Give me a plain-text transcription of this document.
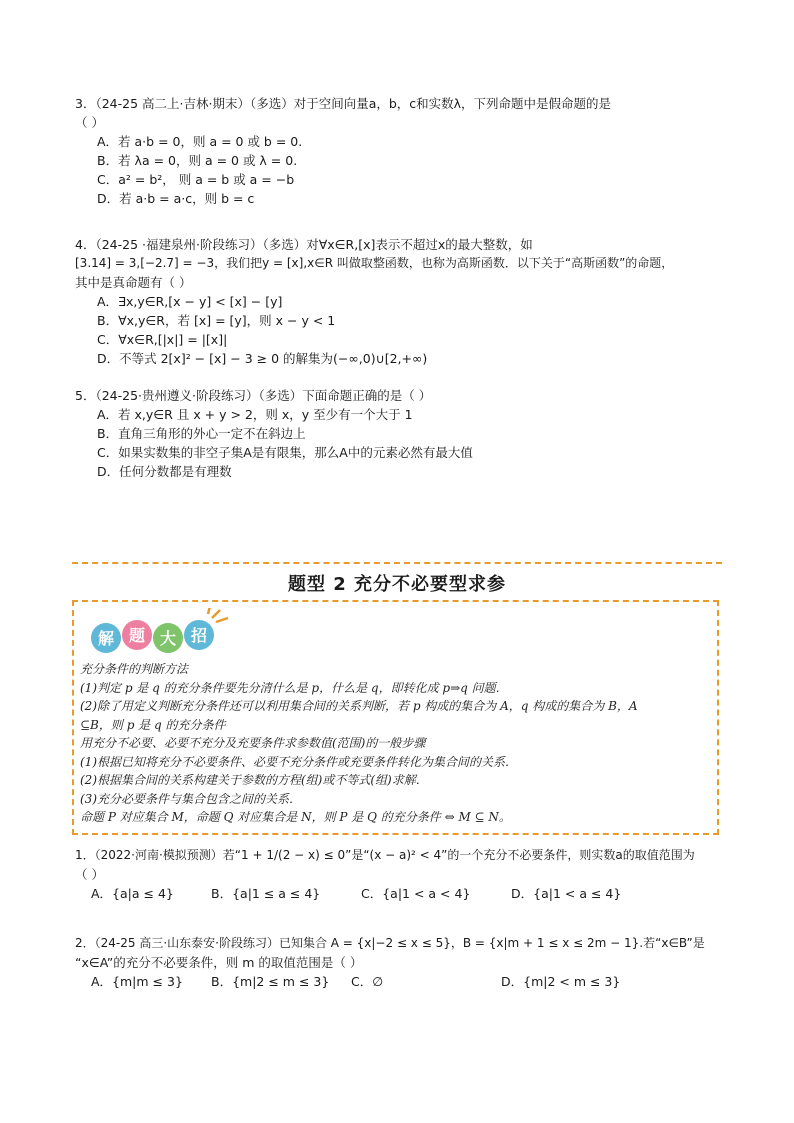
3．（24-25 高二上·吉林·期末）（多选）对于空间向量a，b，c和实数λ，下列命题中是假命题的是

（ ）

A．若 a·b = 0，则 a = 0 或 b = 0.

B．若 λa = 0，则 a = 0 或 λ = 0.

C．a² = b²， 则 a = b 或 a = −b

D．若 a·b = a·c，则 b = c

4．（24-25 ·福建泉州·阶段练习）（多选）对∀x∈R,[x]表示不超过x的最大整数，如

[3.14] = 3,[−2.7] = −3，我们把y = [x],x∈R 叫做取整函数，也称为高斯函数．以下关于“高斯函数”的命题，

其中是真命题有（ ）

A．∃x,y∈R,[x − y] < [x] − [y]

B．∀x,y∈R，若 [x] = [y]，则 x − y < 1

C．∀x∈R,[|x|] = |[x]|

D．不等式 2[x]² − [x] − 3 ≥ 0 的解集为(−∞,0)∪[2,+∞)

5．（24-25·贵州遵义·阶段练习）（多选）下面命题正确的是（ ）

A．若 x,y∈R 且 x + y > 2，则 x，y 至少有一个大于 1

B．直角三角形的外心一定不在斜边上

C．如果实数集的非空子集A是有限集，那么A中的元素必然有最大值

D．任何分数都是有理数

题型 2 充分不必要型求参
解 题 大 招

充分条件的判断方法

(1)判定 p 是 q 的充分条件要先分清什么是 p，什么是 q，即转化成 p⇒q 问题．

(2)除了用定义判断充分条件还可以利用集合间的关系判断，若 p 构成的集合为 A，q 构成的集合为 B，A

⊆B，则 p 是 q 的充分条件

用充分不必要、必要不充分及充要条件求参数值(范围)的一般步骤

(1)根据已知将充分不必要条件、必要不充分条件或充要条件转化为集合间的关系．

(2)根据集合间的关系构建关于参数的方程(组)或不等式(组)求解．

(3)充分必要条件与集合包含之间的关系．

命题 P 对应集合 M，命题 Q 对应集合是 N，则 P 是 Q 的充分条件 ⇔ M ⊆ N。

1．（2022·河南·模拟预测）若“1 + 1/(2 − x) ≤ 0”是“(x − a)² < 4”的一个充分不必要条件，则实数a的取值范围为

（ ）

A．{a|a ≤ 4}	B．{a|1 ≤ a ≤ 4}	C．{a|1 < a < 4}	D．{a|1 < a ≤ 4}

2．（24-25 高三·山东泰安·阶段练习）已知集合 A = {x|−2 ≤ x ≤ 5}，B = {x|m + 1 ≤ x ≤ 2m − 1}.若“x∈B”是

“x∈A”的充分不必要条件，则 m 的取值范围是（ ）

A．{m|m ≤ 3}	B．{m|2 ≤ m ≤ 3}	C．∅	D．{m|2 < m ≤ 3}
